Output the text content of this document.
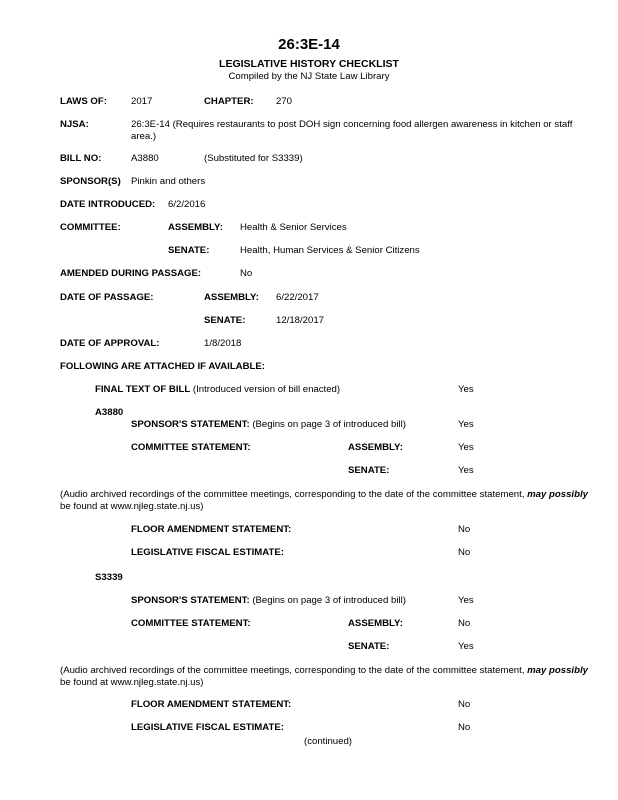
26:3E-14
LEGISLATIVE HISTORY CHECKLIST
Compiled by the NJ State Law Library
LAWS OF:	2017	CHAPTER: 270
NJSA:	26:3E-14 (Requires restaurants to post DOH sign concerning food allergen awareness in kitchen or staff area.)
BILL NO:	A3880	(Substituted for S3339)
SPONSOR(S) Pinkin and others
DATE INTRODUCED: 6/2/2016
COMMITTEE:	ASSEMBLY: Health & Senior Services
SENATE:	Health, Human Services & Senior Citizens
AMENDED DURING PASSAGE:	No
DATE OF PASSAGE:	ASSEMBLY: 6/22/2017
SENATE:	12/18/2017
DATE OF APPROVAL:	1/8/2018
FOLLOWING ARE ATTACHED IF AVAILABLE:
FINAL TEXT OF BILL (Introduced version of bill enacted)	Yes
A3880
SPONSOR'S STATEMENT: (Begins on page 3 of introduced bill)	Yes
COMMITTEE STATEMENT:	ASSEMBLY:	Yes
SENATE:	Yes
(Audio archived recordings of the committee meetings, corresponding to the date of the committee statement, may possibly
be found at www.njleg.state.nj.us)
FLOOR AMENDMENT STATEMENT:	No
LEGISLATIVE FISCAL ESTIMATE:	No
S3339
SPONSOR'S STATEMENT: (Begins on page 3 of introduced bill)	Yes
COMMITTEE STATEMENT:	ASSEMBLY:	No
SENATE:	Yes
(Audio archived recordings of the committee meetings, corresponding to the date of the committee statement, may possibly
be found at www.njleg.state.nj.us)
FLOOR AMENDMENT STATEMENT:	No
LEGISLATIVE FISCAL ESTIMATE:	No
(continued)
